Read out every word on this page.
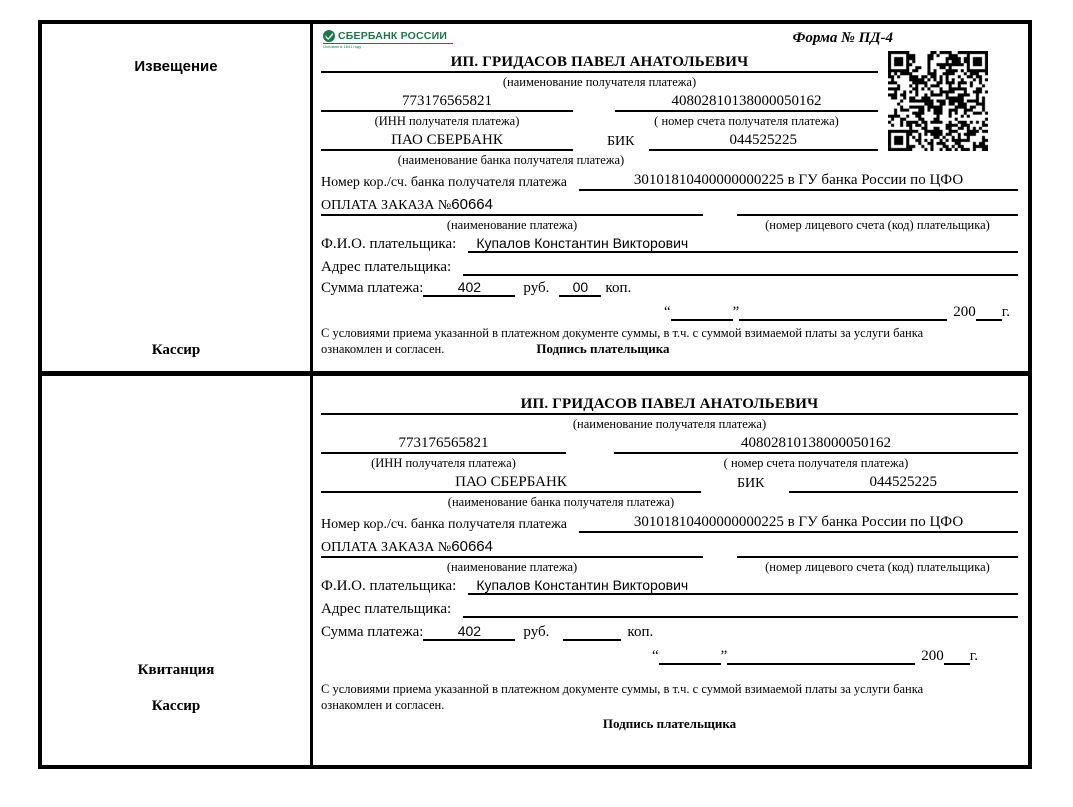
Извещение
Кассир
СБЕРБАНК РОССИИ
Основан в 1841 году
Форма № ПД-4
ИП. ГРИДАСОВ ПАВЕЛ АНАТОЛЬЕВИЧ
(наименование получателя платежа)
773176565821	40802810138000050162
(ИНН получателя платежа)	( номер счета получателя платежа)
ПАО СБЕРБАНК	БИК	044525225
(наименование банка получателя платежа)
Номер кор./сч. банка получателя платежа	30101810400000000225 в ГУ банка России по ЦФО
ОПЛАТА ЗАКАЗА №60664
(наименование платежа)	(номер лицевого счета (код) плательщика)
Ф.И.О. плательщика:	Купалов Константин Викторович
Адрес плательщика:
Сумма платежа:	402	руб.	00	коп.
“	”	200 г.
С условиями приема указанной в платежном документе суммы, в т.ч. с суммой взимаемой платы за услуги банка
ознакомлен и согласен.	Подпись плательщика
Квитанция
Кассир
ИП. ГРИДАСОВ ПАВЕЛ АНАТОЛЬЕВИЧ
(наименование получателя платежа)
773176565821	40802810138000050162
(ИНН получателя платежа)	( номер счета получателя платежа)
ПАО СБЕРБАНК	БИК	044525225
(наименование банка получателя платежа)
Номер кор./сч. банка получателя платежа	30101810400000000225 в ГУ банка России по ЦФО
ОПЛАТА ЗАКАЗА №60664
(наименование платежа)	(номер лицевого счета (код) плательщика)
Ф.И.О. плательщика:	Купалов Константин Викторович
Адрес плательщика:
Сумма платежа:	402	руб.	коп.
“	”	200 г.
С условиями приема указанной в платежном документе суммы, в т.ч. с суммой взимаемой платы за услуги банка
ознакомлен и согласен.
Подпись плательщика
